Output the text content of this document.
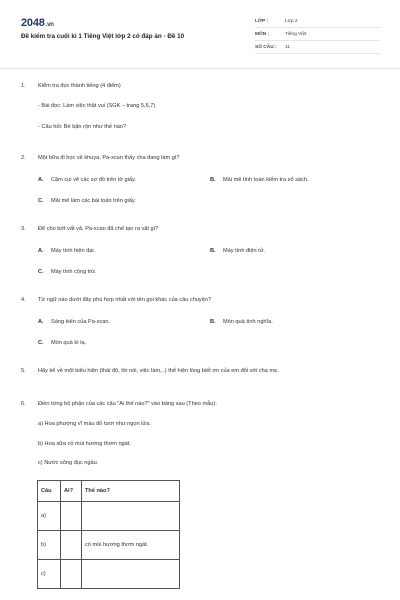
2048.vn
Đề kiểm tra cuối kì 1 Tiếng Việt lớp 2 có đáp án - Đề 10
LỚP :	Lớp 2
MÔN :	Tiếng Việt
SỐ CÂU : 11
1. Kiểm tra đọc thành tiếng (4 điểm)
- Bài đọc: Làm việc thật vui (SGK – trang 5,6,7)
- Câu hỏi: Bé bận rộn như thế nào?
2. Một bữa đi học về khuya, Pa-xcan thấy cha đang làm gì?
A. Cặm cụi vẽ các sơ đồ trên tờ giấy.	B. Mải mê tính toán kiểm tra sổ sách.
C. Mải mê làm các bài toán trên giấy.
3. Để cho bớt vất vả, Pa-xcan đã chế tạo ra vật gì?
A. Máy tính hiện đại.	B. Máy tính điện tử.
C. Máy tính cộng trừ.
4. Từ ngữ nào dưới đây phù hợp nhất với tên gọi khác của câu chuyện?
A. Sáng kiến của Pa-xcan.	B. Món quà tình nghĩa.
C. Món quà kì lạ.
5. Hãy kể về một biểu hiện (thái độ, lời nói, việc làm,..) thể hiện lòng biết ơn của em đối với cha mẹ.
6. Điền từng bộ phận của các câu "Ai thế nào?" vào bảng sau (Theo mẫu):
a) Hoa phượng vĩ màu đỏ tươi như ngọn lửa.
b) Hoa sữa có mùi hương thơm ngát.
c) Nước sông đục ngầu.
Câu	Ai?	Thế nào?
a)		
b)		có mùi hương thơm ngát.
c)		
